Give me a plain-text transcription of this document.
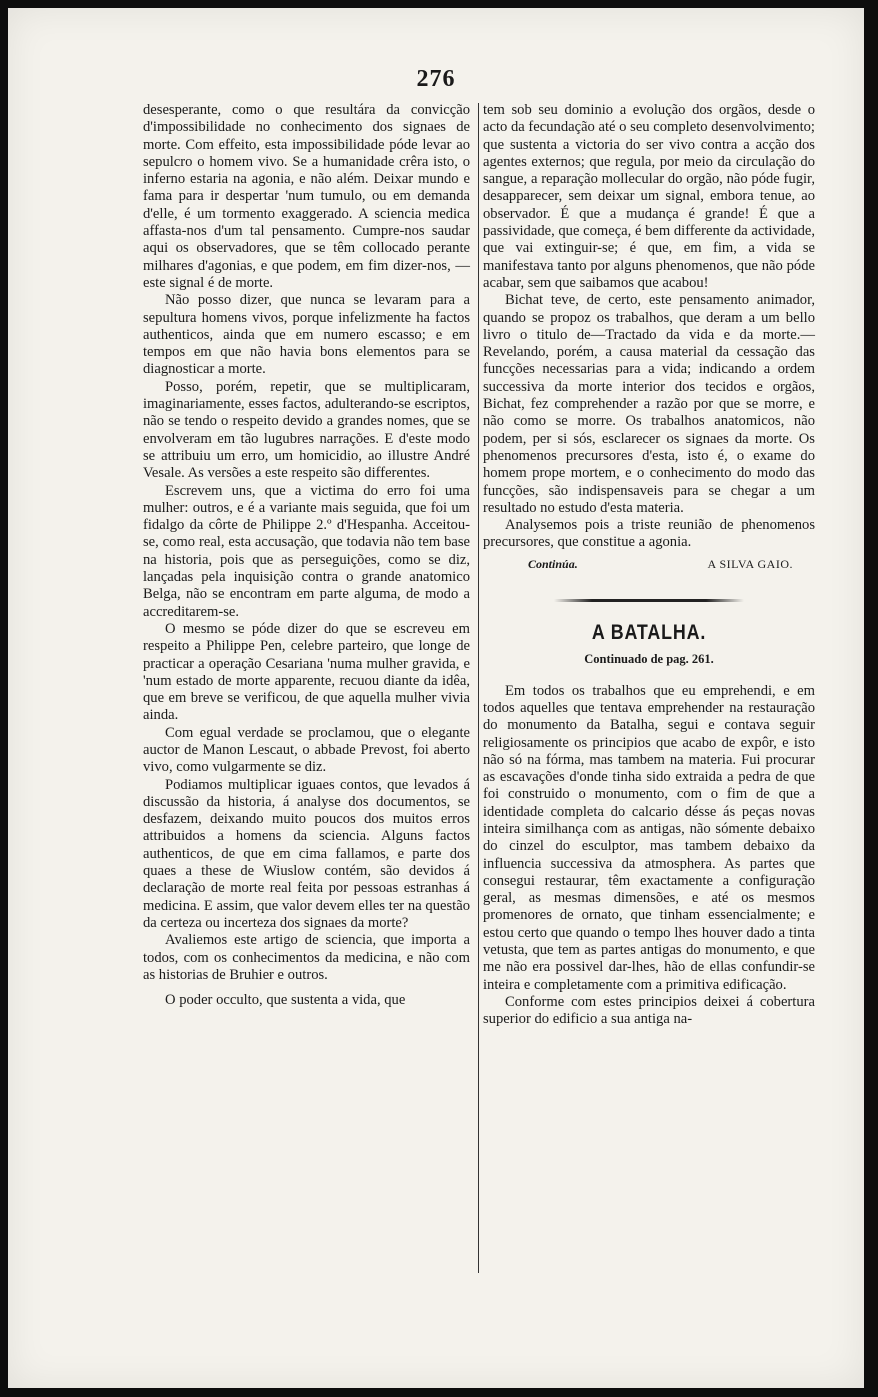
276

desesperante, como o que resultára da convicção d'impossibilidade no conhecimento dos signaes de morte. Com effeito, esta impossibilidade póde levar ao sepulcro o homem vivo. Se a humanidade crêra isto, o inferno estaria na agonia, e não além. Deixar mundo e fama para ir despertar 'num tumulo, ou em demanda d'elle, é um tormento exaggerado. A sciencia medica affasta-nos d'um tal pensamento. Cumpre-nos saudar aqui os observadores, que se têm collocado perante milhares d'agonias, e que podem, em fim dizer-nos, — este signal é de morte.

Não posso dizer, que nunca se levaram para a sepultura homens vivos, porque infelizmente ha factos authenticos, ainda que em numero escasso; e em tempos em que não havia bons elementos para se diagnosticar a morte.

Posso, porém, repetir, que se multiplicaram, imaginariamente, esses factos, adulterando-se escriptos, não se tendo o respeito devido a grandes nomes, que se envolveram em tão lugubres narrações. E d'este modo se attribuiu um erro, um homicidio, ao illustre André Vesale. As versões a este respeito são differentes.

Escrevem uns, que a victima do erro foi uma mulher: outros, e é a variante mais seguida, que foi um fidalgo da côrte de Philippe 2.º d'Hespanha. Acceitou-se, como real, esta accusação, que todavia não tem base na historia, pois que as perseguições, como se diz, lançadas pela inquisição contra o grande anatomico Belga, não se encontram em parte alguma, de modo a accreditarem-se.

O mesmo se póde dizer do que se escreveu em respeito a Philippe Pen, celebre parteiro, que longe de practicar a operação Cesariana 'numa mulher gravida, e 'num estado de morte apparente, recuou diante da idêa, que em breve se verificou, de que aquella mulher vivia ainda.

Com egual verdade se proclamou, que o elegante auctor de Manon Lescaut, o abbade Prevost, foi aberto vivo, como vulgarmente se diz.

Podiamos multiplicar iguaes contos, que levados á discussão da historia, á analyse dos documentos, se desfazem, deixando muito poucos dos muitos erros attribuidos a homens da sciencia. Alguns factos authenticos, de que em cima fallamos, e parte dos quaes a these de Wiuslow contém, são devidos á declaração de morte real feita por pessoas estranhas á medicina. E assim, que valor devem elles ter na questão da certeza ou incerteza dos signaes da morte?

Avaliemos este artigo de sciencia, que importa a todos, com os conhecimentos da medicina, e não com as historias de Bruhier e outros.

O poder occulto, que sustenta a vida, que

tem sob seu dominio a evolução dos orgãos, desde o acto da fecundação até o seu completo desenvolvimento; que sustenta a victoria do ser vivo contra a acção dos agentes externos; que regula, por meio da circulação do sangue, a reparação mollecular do orgão, não póde fugir, desapparecer, sem deixar um signal, embora tenue, ao observador. É que a mudança é grande! É que a passividade, que começa, é bem differente da actividade, que vai extinguir-se; é que, em fim, a vida se manifestava tanto por alguns phenomenos, que não póde acabar, sem que saibamos que acabou!

Bichat teve, de certo, este pensamento animador, quando se propoz os trabalhos, que deram a um bello livro o titulo de—Tractado da vida e da morte.—Revelando, porém, a causa material da cessação das funcções necessarias para a vida; indicando a ordem successiva da morte interior dos tecidos e orgãos, Bichat, fez comprehender a razão por que se morre, e não como se morre. Os trabalhos anatomicos, não podem, per si sós, esclarecer os signaes da morte. Os phenomenos precursores d'esta, isto é, o exame do homem prope mortem, e o conhecimento do modo das funcções, são indispensaveis para se chegar a um resultado no estudo d'esta materia.

Analysemos pois a triste reunião de phenomenos precursores, que constitue a agonia.

Continúa.	A SILVA GAIO.
A BATALHA.
Continuado de pag. 261.

Em todos os trabalhos que eu emprehendi, e em todos aquelles que tentava emprehender na restauração do monumento da Batalha, segui e contava seguir religiosamente os principios que acabo de expôr, e isto não só na fórma, mas tambem na materia. Fui procurar as escavações d'onde tinha sido extraida a pedra de que foi construido o monumento, com o fim de que a identidade completa do calcario désse ás peças novas inteira similhança com as antigas, não sómente debaixo do cinzel do esculptor, mas tambem debaixo da influencia successiva da atmosphera. As partes que consegui restaurar, têm exactamente a configuração geral, as mesmas dimensões, e até os mesmos promenores de ornato, que tinham essencialmente; e estou certo que quando o tempo lhes houver dado a tinta vetusta, que tem as partes antigas do monumento, e que me não era possivel dar-lhes, hão de ellas confundir-se inteira e completamente com a primitiva edificação.

Conforme com estes principios deixei á cobertura superior do edificio a sua antiga na-
